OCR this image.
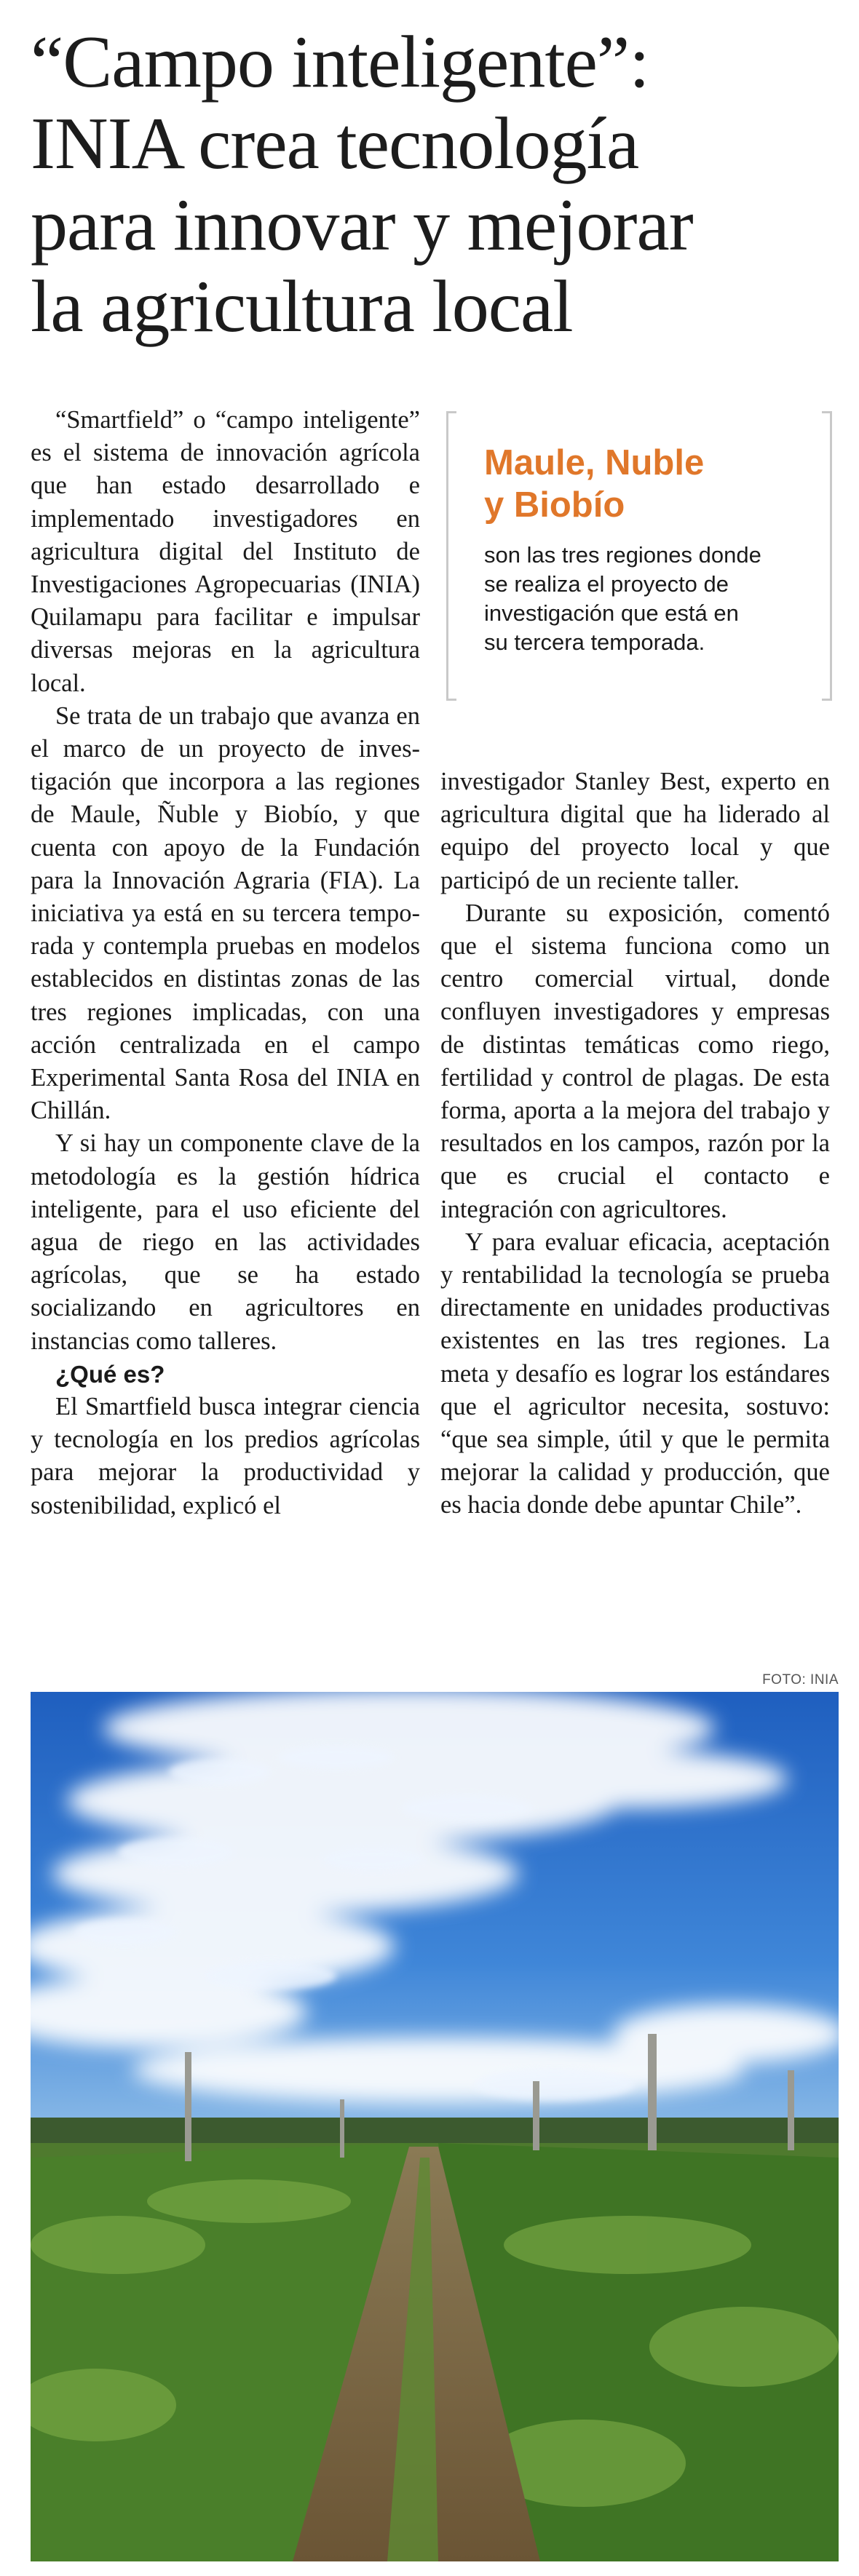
“Campo inteligente”:
INIA crea tecnología
para innovar y mejorar
la agricultura local

“Smartfield” o “campo inteligente” es el sistema de innovación agrícola que han estado desarrollado e implementado investigadores en agricultura digital del Instituto de Investigaciones Agropecuarias (INIA) Quilamapu para facilitar e impulsar diversas mejoras en la agricultura local.

Se trata de un trabajo que avanza en el marco de un proyecto de investigación que incorpora a las regiones de Maule, Ñuble y Biobío, y que cuenta con apoyo de la Fundación para la Innovación Agraria (FIA). La iniciativa ya está en su tercera temporada y contempla pruebas en modelos establecidos en distintas zonas de las tres regiones implicadas, con una acción centralizada en el campo Experimental Santa Rosa del INIA en Chillán.

Y si hay un componente clave de la metodología es la gestión hídrica inteligente, para el uso eficiente del agua de riego en las actividades agrícolas, que se ha estado socializando en agricultores en instancias como talleres.

¿Qué es?

El Smartfield busca integrar ciencia y tecnología en los predios agrícolas para mejorar la productividad y sostenibilidad, explicó el

Maule, Nuble
y Biobío

son las tres regiones donde
se realiza el proyecto de
investigación que está en
su tercera temporada.

investigador Stanley Best, experto en agricultura digital que ha liderado al equipo del proyecto local y que participó de un reciente taller.

Durante su exposición, comentó que el sistema funciona como un centro comercial virtual, donde confluyen investigadores y empresas de distintas temáticas como riego, fertilidad y control de plagas. De esta forma, aporta a la mejora del trabajo y resultados en los campos, razón por la que es crucial el contacto e integración con agricultores.

Y para evaluar eficacia, aceptación y rentabilidad la tecnología se prueba directamente en unidades productivas existentes en las tres regiones. La meta y desafío es lograr los estándares que el agricultor necesita, sostuvo: “que sea simple, útil y que le permita mejorar la calidad y producción, que es hacia donde debe apuntar Chile”.

FOTO: INIA
